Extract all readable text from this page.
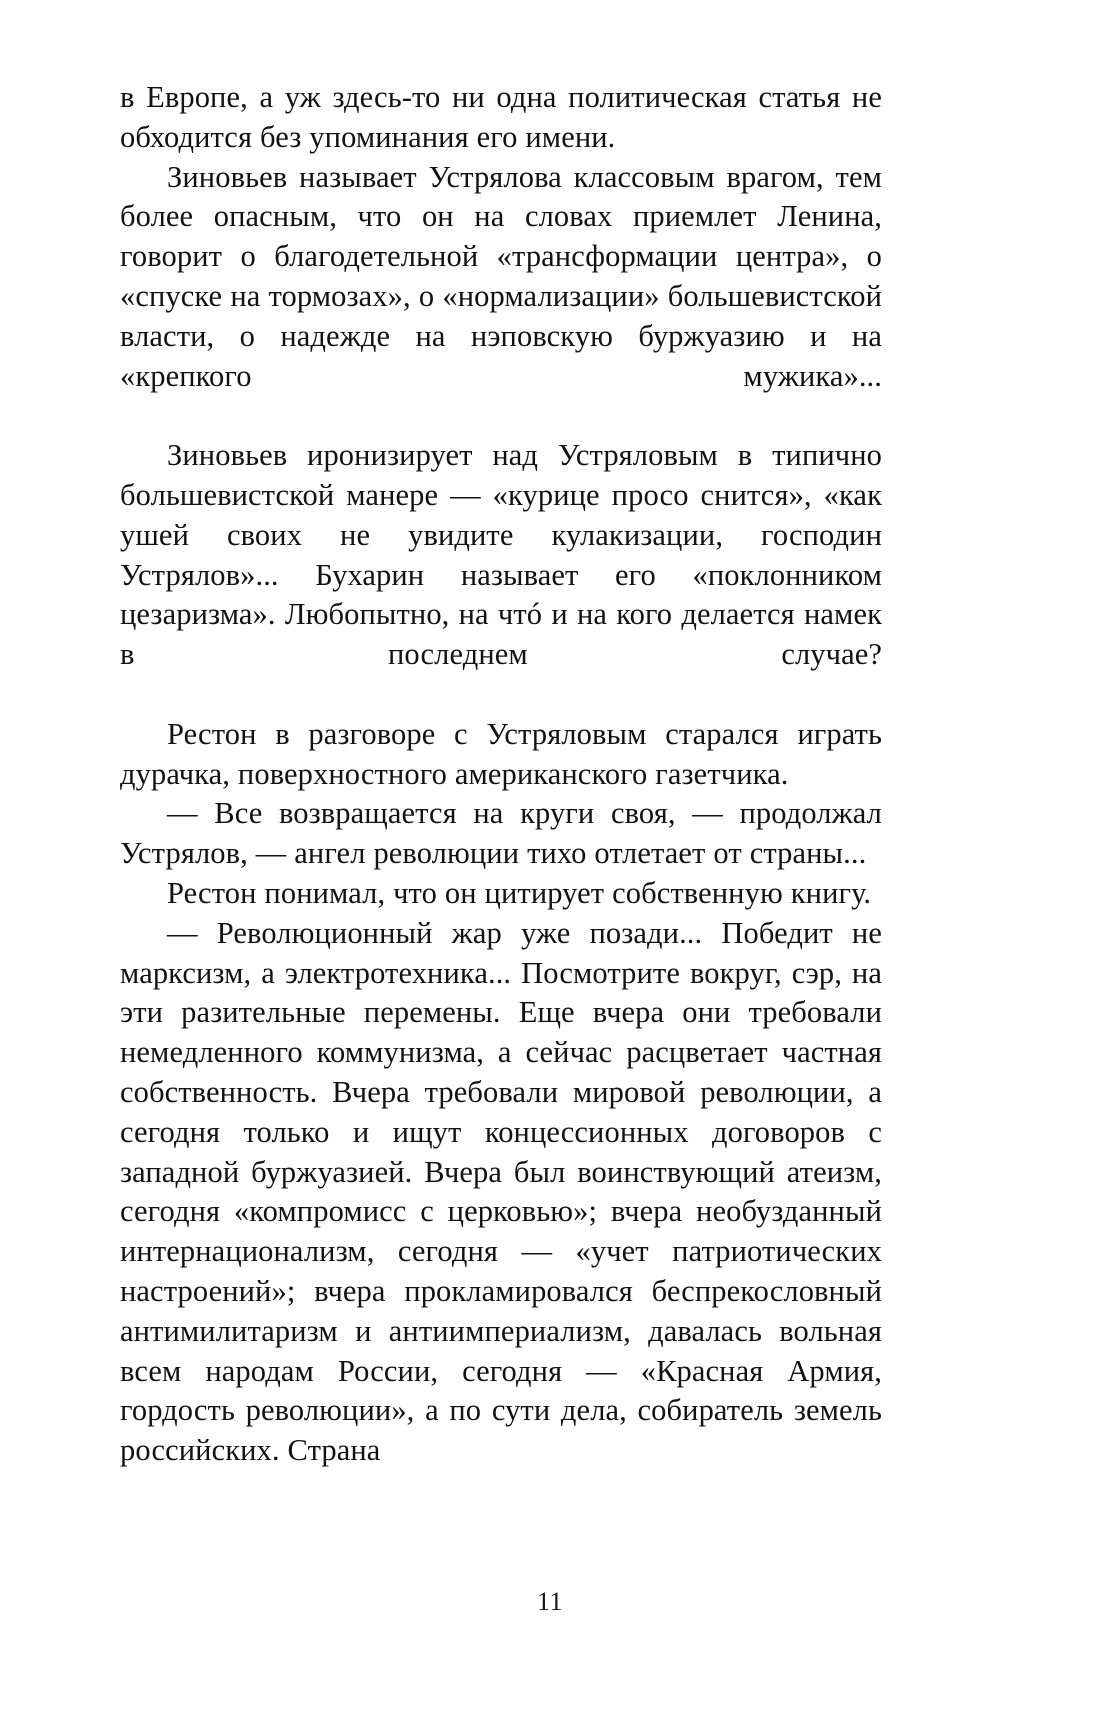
в Европе, а уж здесь-то ни одна политическая статья не обходится без упоминания его имени.

Зиновьев называет Устрялова классовым врагом, тем более опасным, что он на словах приемлет Ленина, говорит о благодетельной «трансформации центра», о «спуске на тормозах», о «нормализации» большевистской власти, о надежде на нэповскую буржуазию и на «крепкого мужика»...

Зиновьев иронизирует над Устряловым в типично большевистской манере — «курице просо снится», «как ушей своих не увидите кулакизации, господин Устрялов»... Бухарин называет его «поклонником цезаризма». Любопытно, на чтó и на кого делается намек в последнем случае?

Рестон в разговоре с Устряловым старался играть дурачка, поверхностного американского газетчика.

— Все возвращается на круги своя, — продолжал Устрялов, — ангел революции тихо отлетает от страны...

Рестон понимал, что он цитирует собственную книгу.

— Революционный жар уже позади... Победит не марксизм, а электротехника... Посмотрите вокруг, сэр, на эти разительные перемены. Еще вчера они требовали немедленного коммунизма, а сейчас расцветает частная собственность. Вчера требовали мировой революции, а сегодня только и ищут концессионных договоров с западной буржуазией. Вчера был воинствующий атеизм, сегодня «компромисс с церковью»; вчера необузданный интернационализм, сегодня — «учет патриотических настроений»; вчера прокламировался беспрекословный антимилитаризм и антиимпериализм, давалась вольная всем народам России, сегодня — «Красная Армия, гордость революции», а по сути дела, собиратель земель российских. Страна

11
